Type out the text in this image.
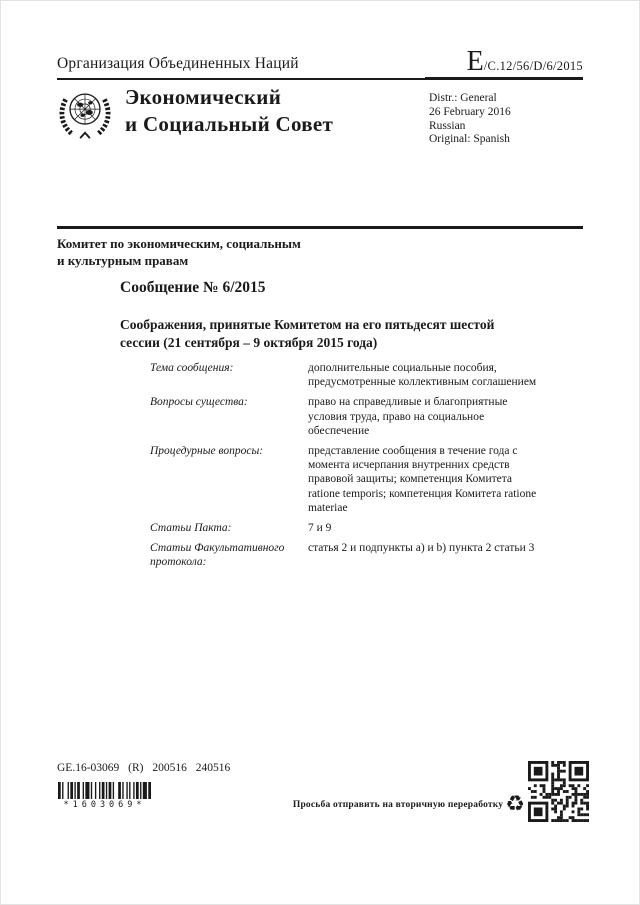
Организация Объединенных Наций	E /C.12/56/D/6/2015
Экономический
и Социальный Совет
Distr.: General
26 February 2016
Russian
Original: Spanish
Комитет по экономическим, социальным
и культурным правам
Сообщение № 6/2015
Соображения, принятые Комитетом на его пятьдесят шестой
сессии (21 сентября – 9 октября 2015 года)
Тема сообщения:	дополнительные социальные пособия, предусмотренные коллективным соглашением
Вопросы существа:	право на справедливые и благоприятные условия труда, право на социальное обеспечение
Процедурные вопросы:	представление сообщения в течение года с момента исчерпания внутренних средств правовой защиты; компетенция Комитета ratione temporis; компетенция Комитета ratione materiae
Статьи Пакта:	7 и 9
Статьи Факультативного протокола:
статья 2 и подпункты a) и b) пункта 2 статьи 3
GE.16-03069 (R) 200516 240516
*1603069*	Просьба отправить на вторичную переработку ♻
